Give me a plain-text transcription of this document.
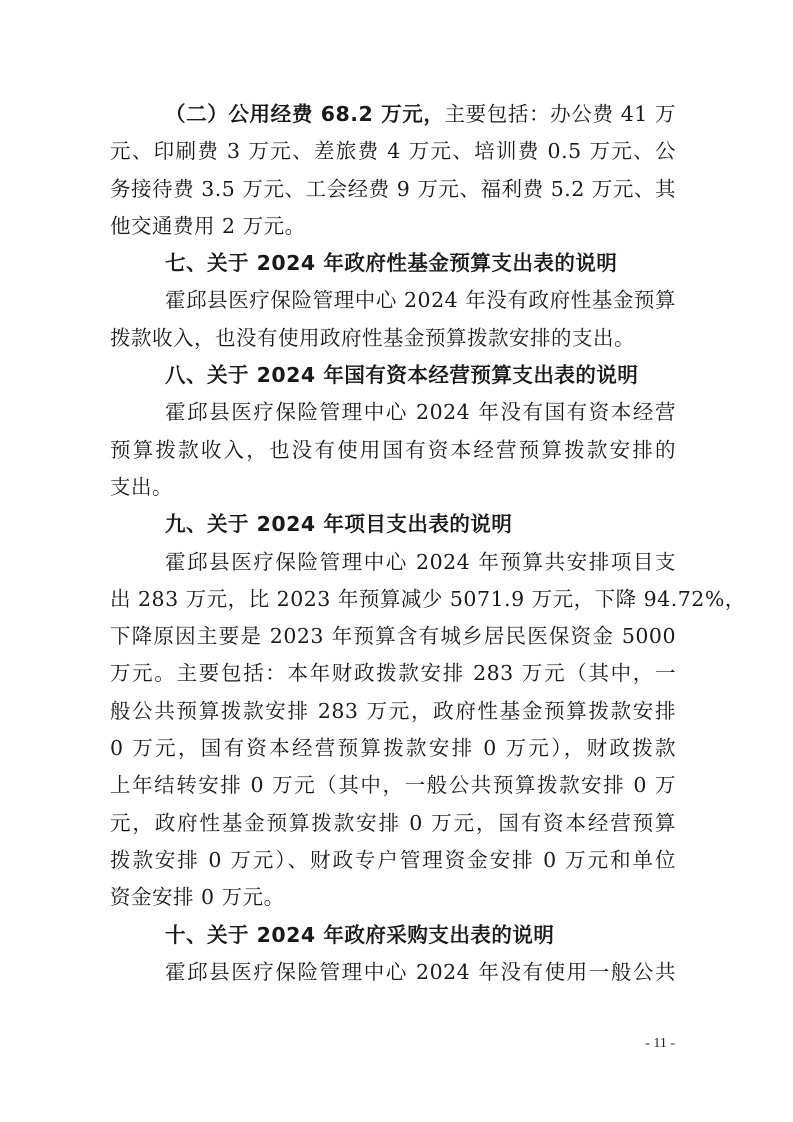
（二）公用经费 68.2 万元，主要包括：办公费 41 万
元、印刷费 3 万元、差旅费 4 万元、培训费 0.5 万元、公
务接待费 3.5 万元、工会经费 9 万元、福利费 5.2 万元、其
他交通费用 2 万元。
七、关于 2024 年政府性基金预算支出表的说明
霍邱县医疗保险管理中心 2024 年没有政府性基金预算
拨款收入，也没有使用政府性基金预算拨款安排的支出。
八、关于 2024 年国有资本经营预算支出表的说明
霍邱县医疗保险管理中心 2024 年没有国有资本经营
预算拨款收入，也没有使用国有资本经营预算拨款安排的
支出。
九、关于 2024 年项目支出表的说明
霍邱县医疗保险管理中心 2024 年预算共安排项目支
出 283 万元，比 2023 年预算减少 5071.9 万元，下降 94.72%，
下降原因主要是 2023 年预算含有城乡居民医保资金 5000
万元。主要包括：本年财政拨款安排 283 万元（其中，一
般公共预算拨款安排 283 万元，政府性基金预算拨款安排
0 万元，国有资本经营预算拨款安排 0 万元），财政拨款
上年结转安排 0 万元（其中，一般公共预算拨款安排 0 万
元，政府性基金预算拨款安排 0 万元，国有资本经营预算
拨款安排 0 万元）、财政专户管理资金安排 0 万元和单位
资金安排 0 万元。
十、关于 2024 年政府采购支出表的说明
霍邱县医疗保险管理中心 2024 年没有使用一般公共
- 11 -
